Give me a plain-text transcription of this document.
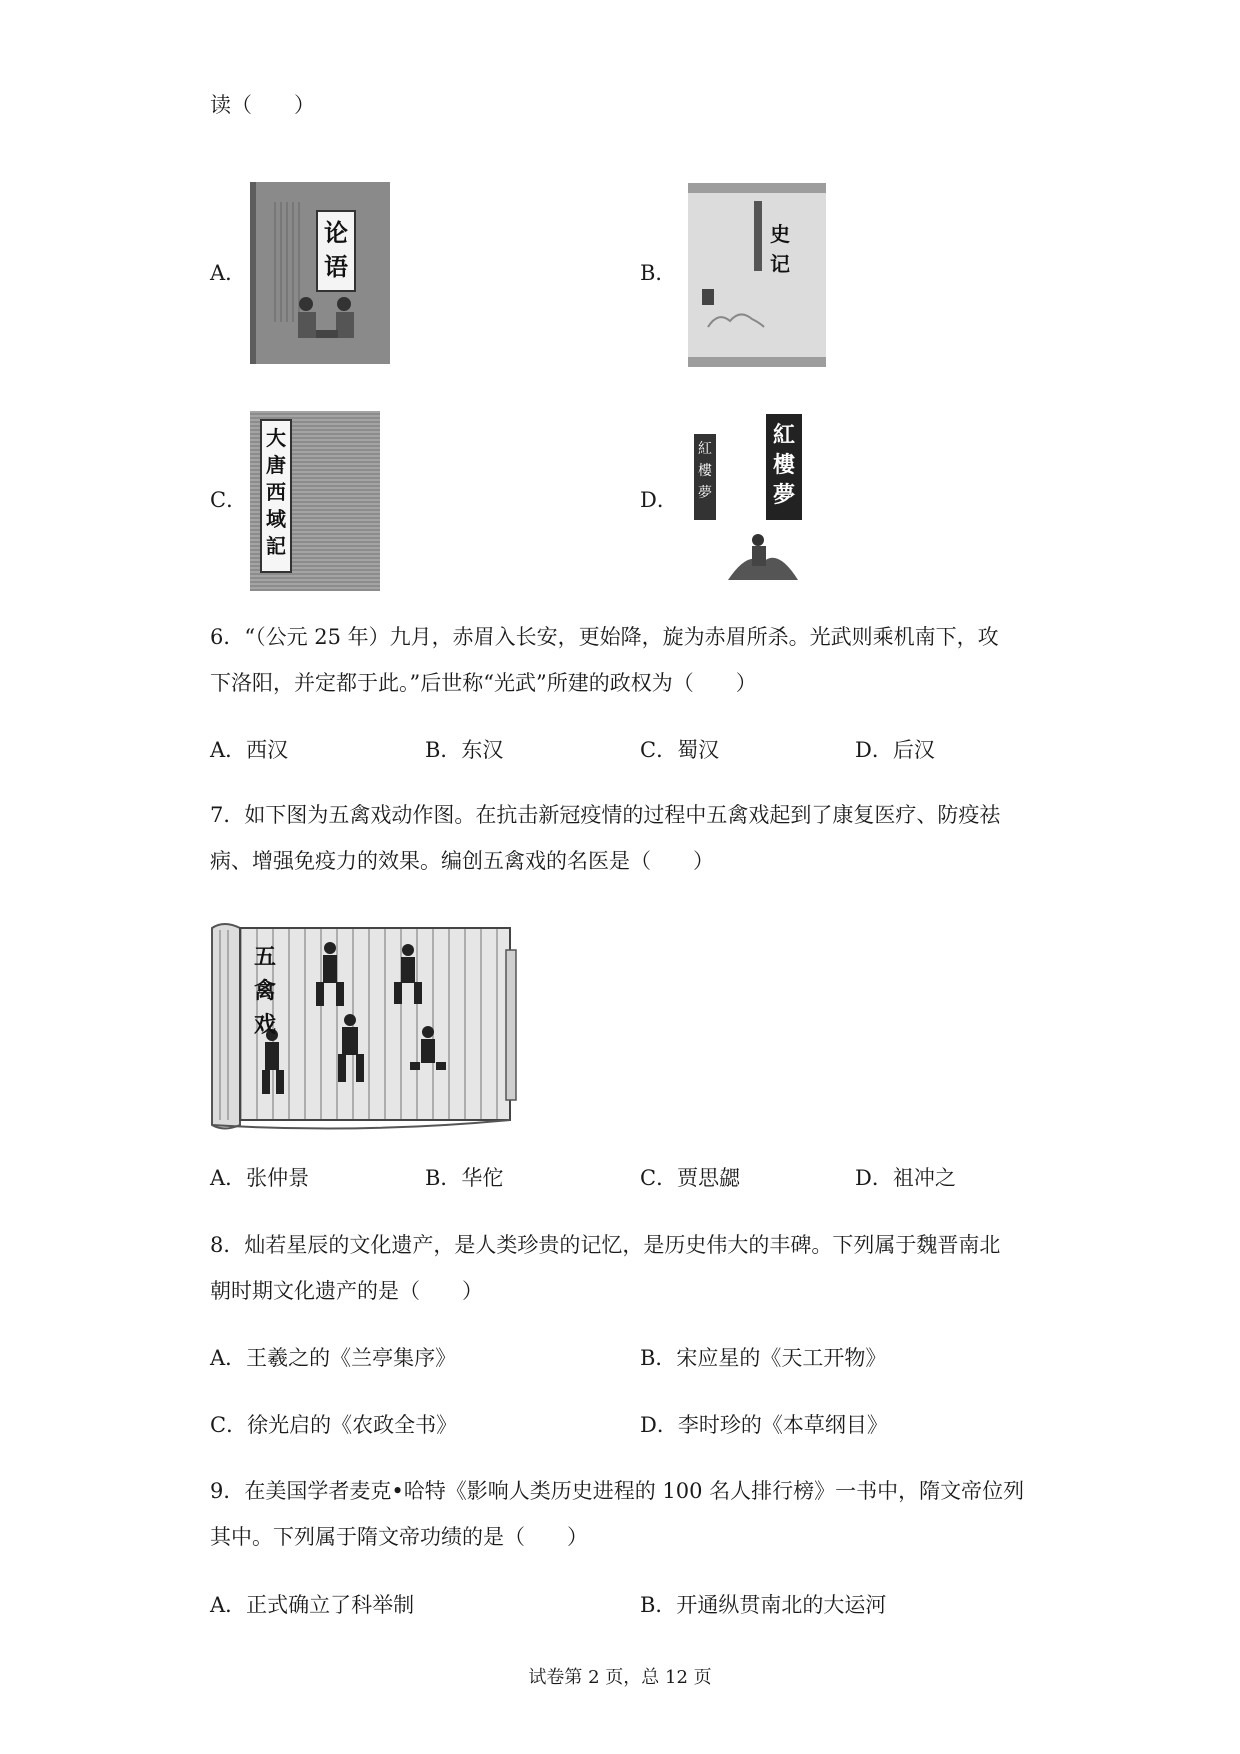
读（　　）
A．
论语	B．
史记
C．
大唐西域記
D．
紅樓夢
紅樓夢
6．“（公元 25 年）九月，赤眉入长安，更始降，旋为赤眉所杀。光武则乘机南下，攻
下洛阳，并定都于此。”后世称“光武”所建的政权为（　　）
A．西汉	B．东汉	C．蜀汉	D．后汉
7．如下图为五禽戏动作图。在抗击新冠疫情的过程中五禽戏起到了康复医疗、防疫祛
病、增强免疫力的效果。编创五禽戏的名医是（　　）
五禽戏
A．张仲景	B．华佗	C．贾思勰	D．祖冲之
8．灿若星辰的文化遗产，是人类珍贵的记忆，是历史伟大的丰碑。下列属于魏晋南北
朝时期文化遗产的是（　　）
A．王羲之的《兰亭集序》	B．宋应星的《天工开物》
C．徐光启的《农政全书》	D．李时珍的《本草纲目》
9．在美国学者麦克•哈特《影响人类历史进程的 100 名人排行榜》一书中，隋文帝位列
其中。下列属于隋文帝功绩的是（　　）
A．正式确立了科举制	B．开通纵贯南北的大运河
试卷第 2 页，总 12 页
